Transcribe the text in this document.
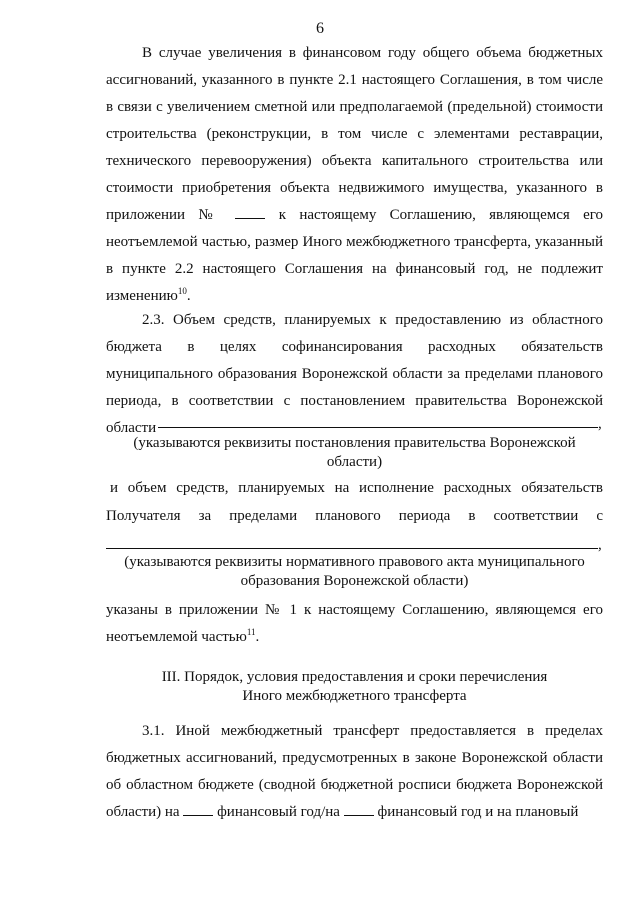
6

В случае увеличения в финансовом году общего объема бюджетных ассигнований, указанного в пункте 2.1 настоящего Соглашения, в том числе в связи с увеличением сметной или предполагаемой (предельной) стоимости строительства (реконструкции, в том числе с элементами реставрации, технического перевооружения) объекта капитального строительства или стоимости приобретения объекта недвижимого имущества, указанного в приложении №	к настоящему Соглашению, являющемся его неотъемлемой частью, размер Иного межбюджетного трансферта, указанный в пункте 2.2 настоящего Соглашения на финансовый год, не подлежит изменению$^{10}$.

2.3. Объем средств, планируемых к предоставлению из областного бюджета в целях софинансирования расходных обязательств муниципального образования Воронежской области за пределами планового периода, в соответствии с постановлением правительства Воронежской области	,

(указываются реквизиты постановления правительства Воронежской области)

и объем средств, планируемых на исполнение расходных обязательств
Получателя за пределами планового периода в соответствии с
,

(указываются реквизиты нормативного правового акта муниципального образования Воронежской области)

указаны в приложении № 1 к настоящему Соглашению, являющемся его неотъемлемой частью$^{11}$.

III. Порядок, условия предоставления и сроки перечисления
Иного межбюджетного трансферта

3.1. Иной межбюджетный трансферт предоставляется в пределах бюджетных ассигнований, предусмотренных в законе Воронежской области об областном бюджете (сводной бюджетной росписи бюджета Воронежской области) на	финансовый год/на	финансовый год и на плановый
